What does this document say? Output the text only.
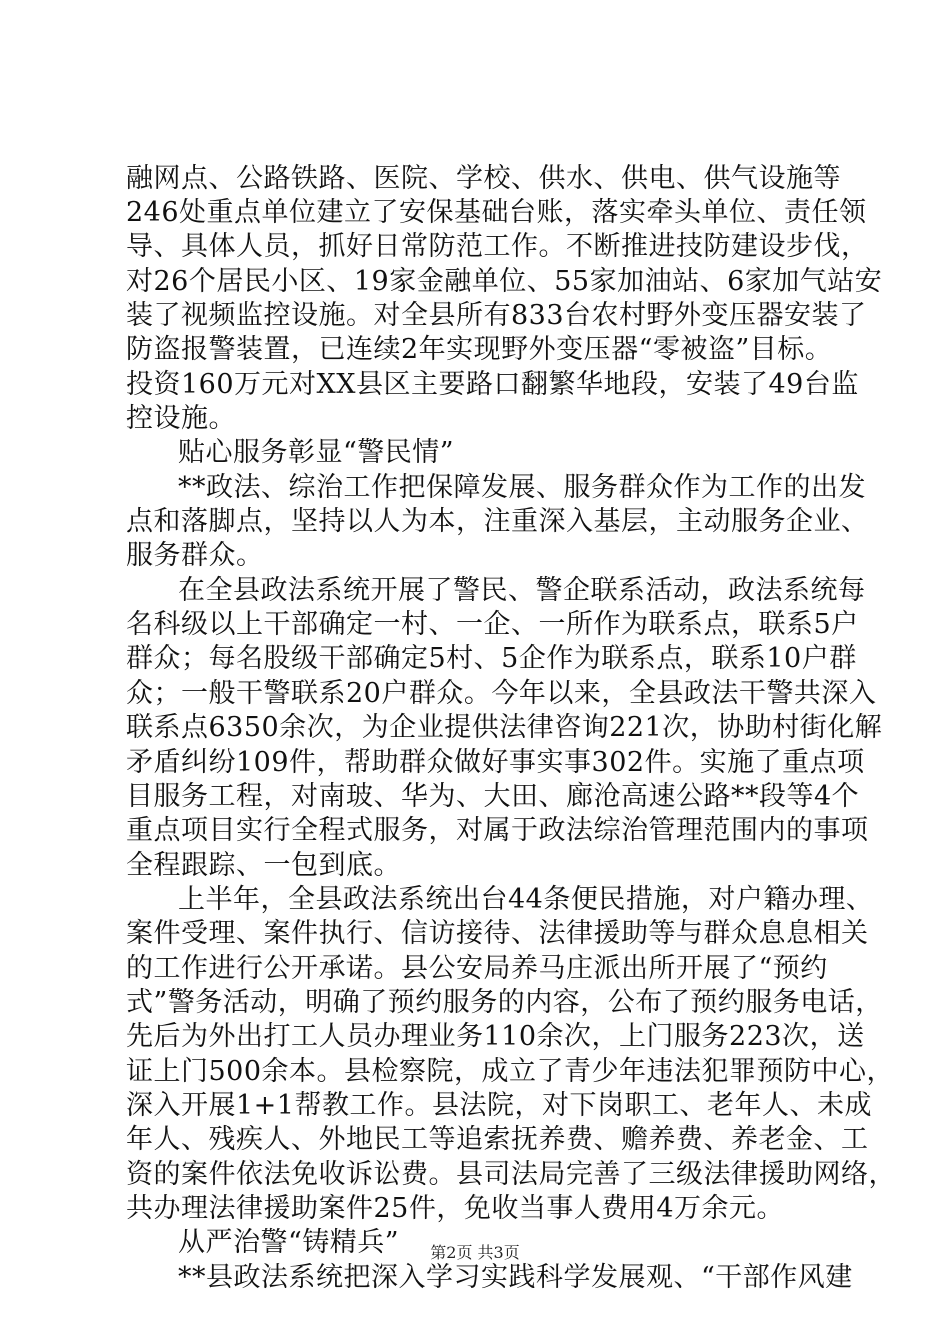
融网点、公路铁路、医院、学校、供水、供电、供气设施等
246处重点单位建立了安保基础台账，落实牵头单位、责任领
导、具体人员，抓好日常防范工作。不断推进技防建设步伐，
对26个居民小区、19家金融单位、55家加油站、6家加气站安
装了视频监控设施。对全县所有833台农村野外变压器安装了
防盗报警装置，已连续2年实现野外变压器“零被盗”目标。
投资160万元对XX县区主要路口翻繁华地段，安装了49台监
控设施。
贴心服务彰显“警民情”
**政法、综治工作把保障发展、服务群众作为工作的出发
点和落脚点，坚持以人为本，注重深入基层，主动服务企业、
服务群众。
在全县政法系统开展了警民、警企联系活动，政法系统每
名科级以上干部确定一村、一企、一所作为联系点，联系5户
群众；每名股级干部确定5村、5企作为联系点，联系10户群
众；一般干警联系20户群众。今年以来，全县政法干警共深入
联系点6350余次，为企业提供法律咨询221次，协助村街化解
矛盾纠纷109件，帮助群众做好事实事302件。实施了重点项
目服务工程，对南玻、华为、大田、廊沧高速公路**段等4个
重点项目实行全程式服务，对属于政法综治管理范围内的事项
全程跟踪、一包到底。
上半年，全县政法系统出台44条便民措施，对户籍办理、
案件受理、案件执行、信访接待、法律援助等与群众息息相关
的工作进行公开承诺。县公安局养马庄派出所开展了“预约
式”警务活动，明确了预约服务的内容，公布了预约服务电话，
先后为外出打工人员办理业务110余次，上门服务223次，送
证上门500余本。县检察院，成立了青少年违法犯罪预防中心，
深入开展1+1帮教工作。县法院，对下岗职工、老年人、未成
年人、残疾人、外地民工等追索抚养费、赡养费、养老金、工
资的案件依法免收诉讼费。县司法局完善了三级法律援助网络，
共办理法律援助案件25件，免收当事人费用4万余元。
从严治警“铸精兵”
**县政法系统把深入学习实践科学发展观、“干部作风建
第2页 共3页
